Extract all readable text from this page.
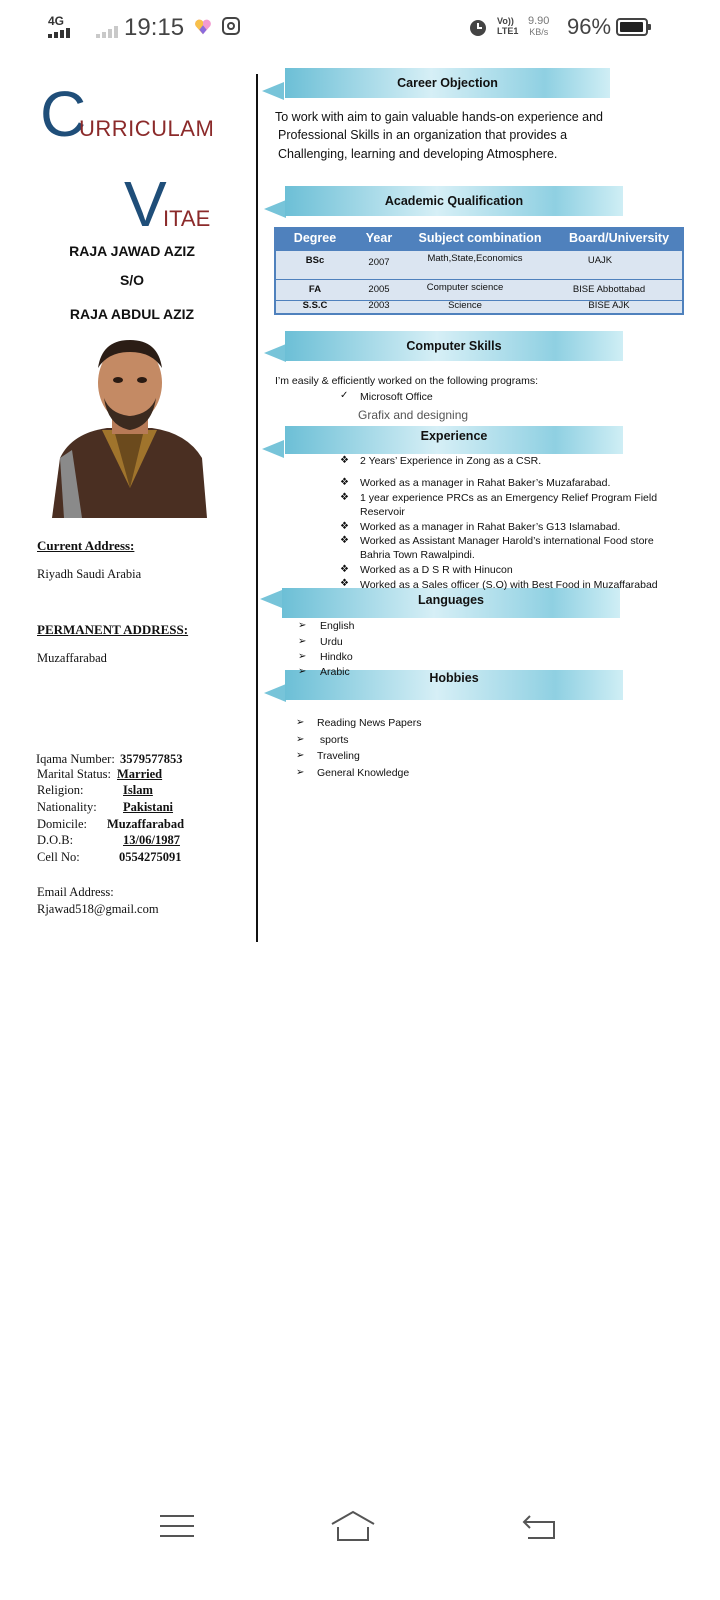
4G 19:15	Vo))
LTE1
9.90
KB/s 96%
C
URRICULAM
V
ITAE
RAJA JAWAD AZIZ
S/O
RAJA ABDUL AZIZ
Current Address:
Riyadh Saudi Arabia
PERMANENT ADDRESS:
Muzaffarabad
Iqama Number: 3579577853
Marital Status: Married
Religion:	Islam
Nationality: Pakistani
Domicile: Muzaffarabad
D.O.B:	13/06/1987
Cell No:	0554275091
Email Address:
Rjawad518@gmail.com
Career Objection
To work with aim to gain valuable hands-on experience and
Professional Skills in an organization that provides a
Challenging, learning and developing Atmosphere.
Academic Qualification
Degree	Year	Subject combination	Board/University
BSc	2007	Math,State,Economics	UAJK
FA	2005	Computer science	BISE Abbottabad
S.S.C	2003	Science	BISE AJK
Computer Skills
I’m easily & efficiently worked on the following programs:
✓ Microsoft Office
Grafix and designing
Experience
❖ 2 Years’ Experience in Zong as a CSR.
❖ Worked as a manager in Rahat Baker’s Muzafarabad.
❖ 1 year experience PRCs as an Emergency Relief Program Field
Reservoir
❖ Worked as a manager in Rahat Baker’s G13 Islamabad.
❖ Worked as Assistant Manager Harold’s international Food store
Bahria Town Rawalpindi.
❖ Worked as a D S R with Hinucon
Languages
❖ Worked as a Sales officer (S.O) with Best Food in Muzaffarabad
➢ English
➢ Urdu
Hobbies
➢ Hindko
➢ Arabic
➢ Reading News Papers
➢ sports
➢ Traveling
➢ General Knowledge
